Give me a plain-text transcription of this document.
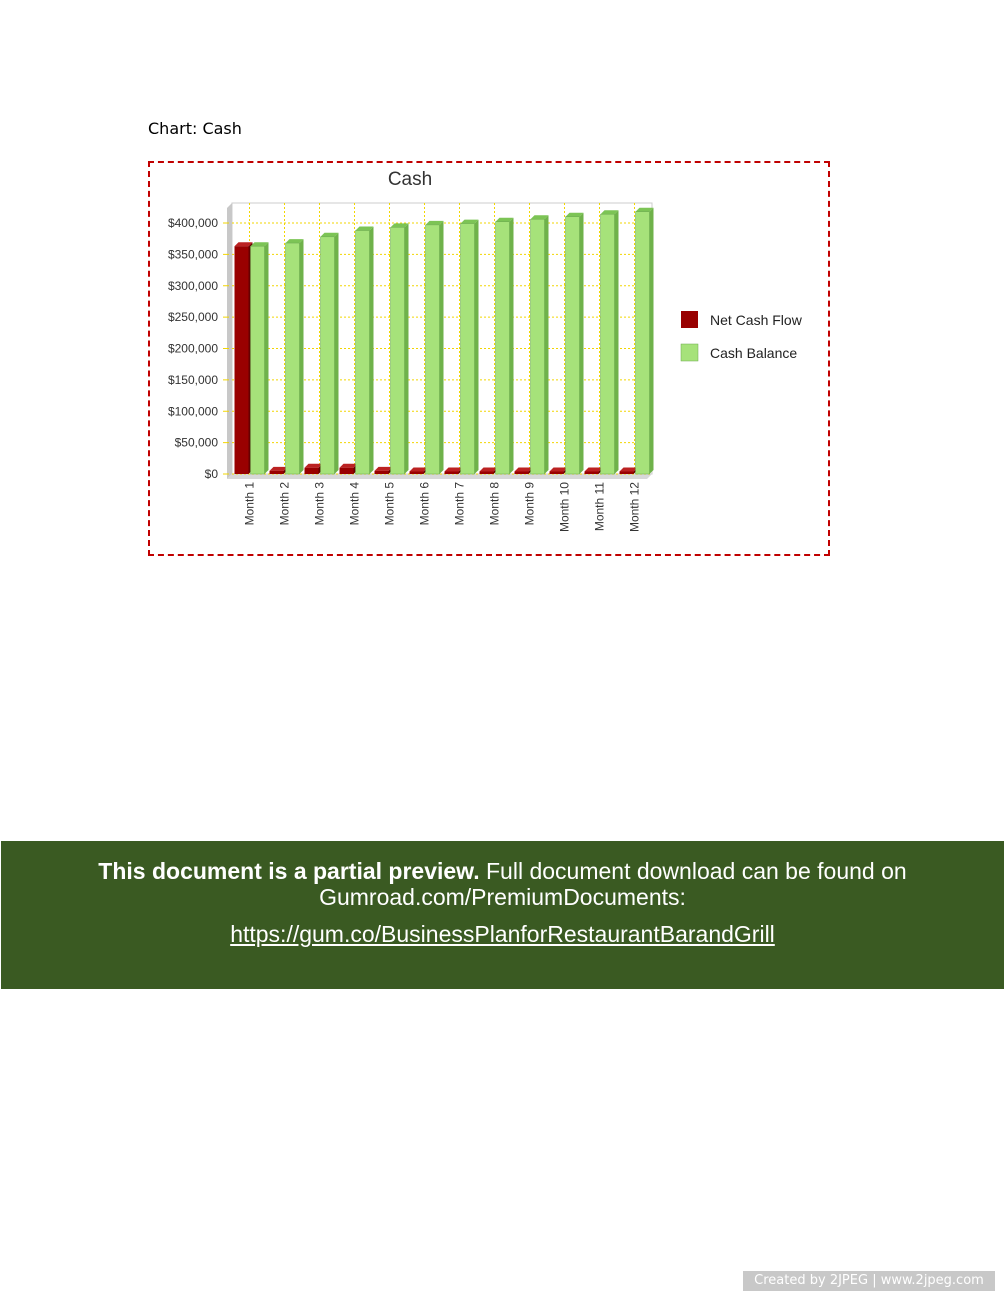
Chart: Cash
$0
$50,000
$100,000
$150,000
$200,000
$250,000
$300,000
$350,000
$400,000
Month 1 Month 2 Month 3 Month 4 Month 5 Month 6 Month 7 Month 8 Month 9 Month 10 Month 11 Month 12
Cash
Net Cash Flow
Cash Balance
This document is a partial preview. Full document download can be found on
Gumroad.com/PremiumDocuments:
https://gum.co/BusinessPlanforRestaurantBarandGrill
Created by 2JPEG | www.2jpeg.com
